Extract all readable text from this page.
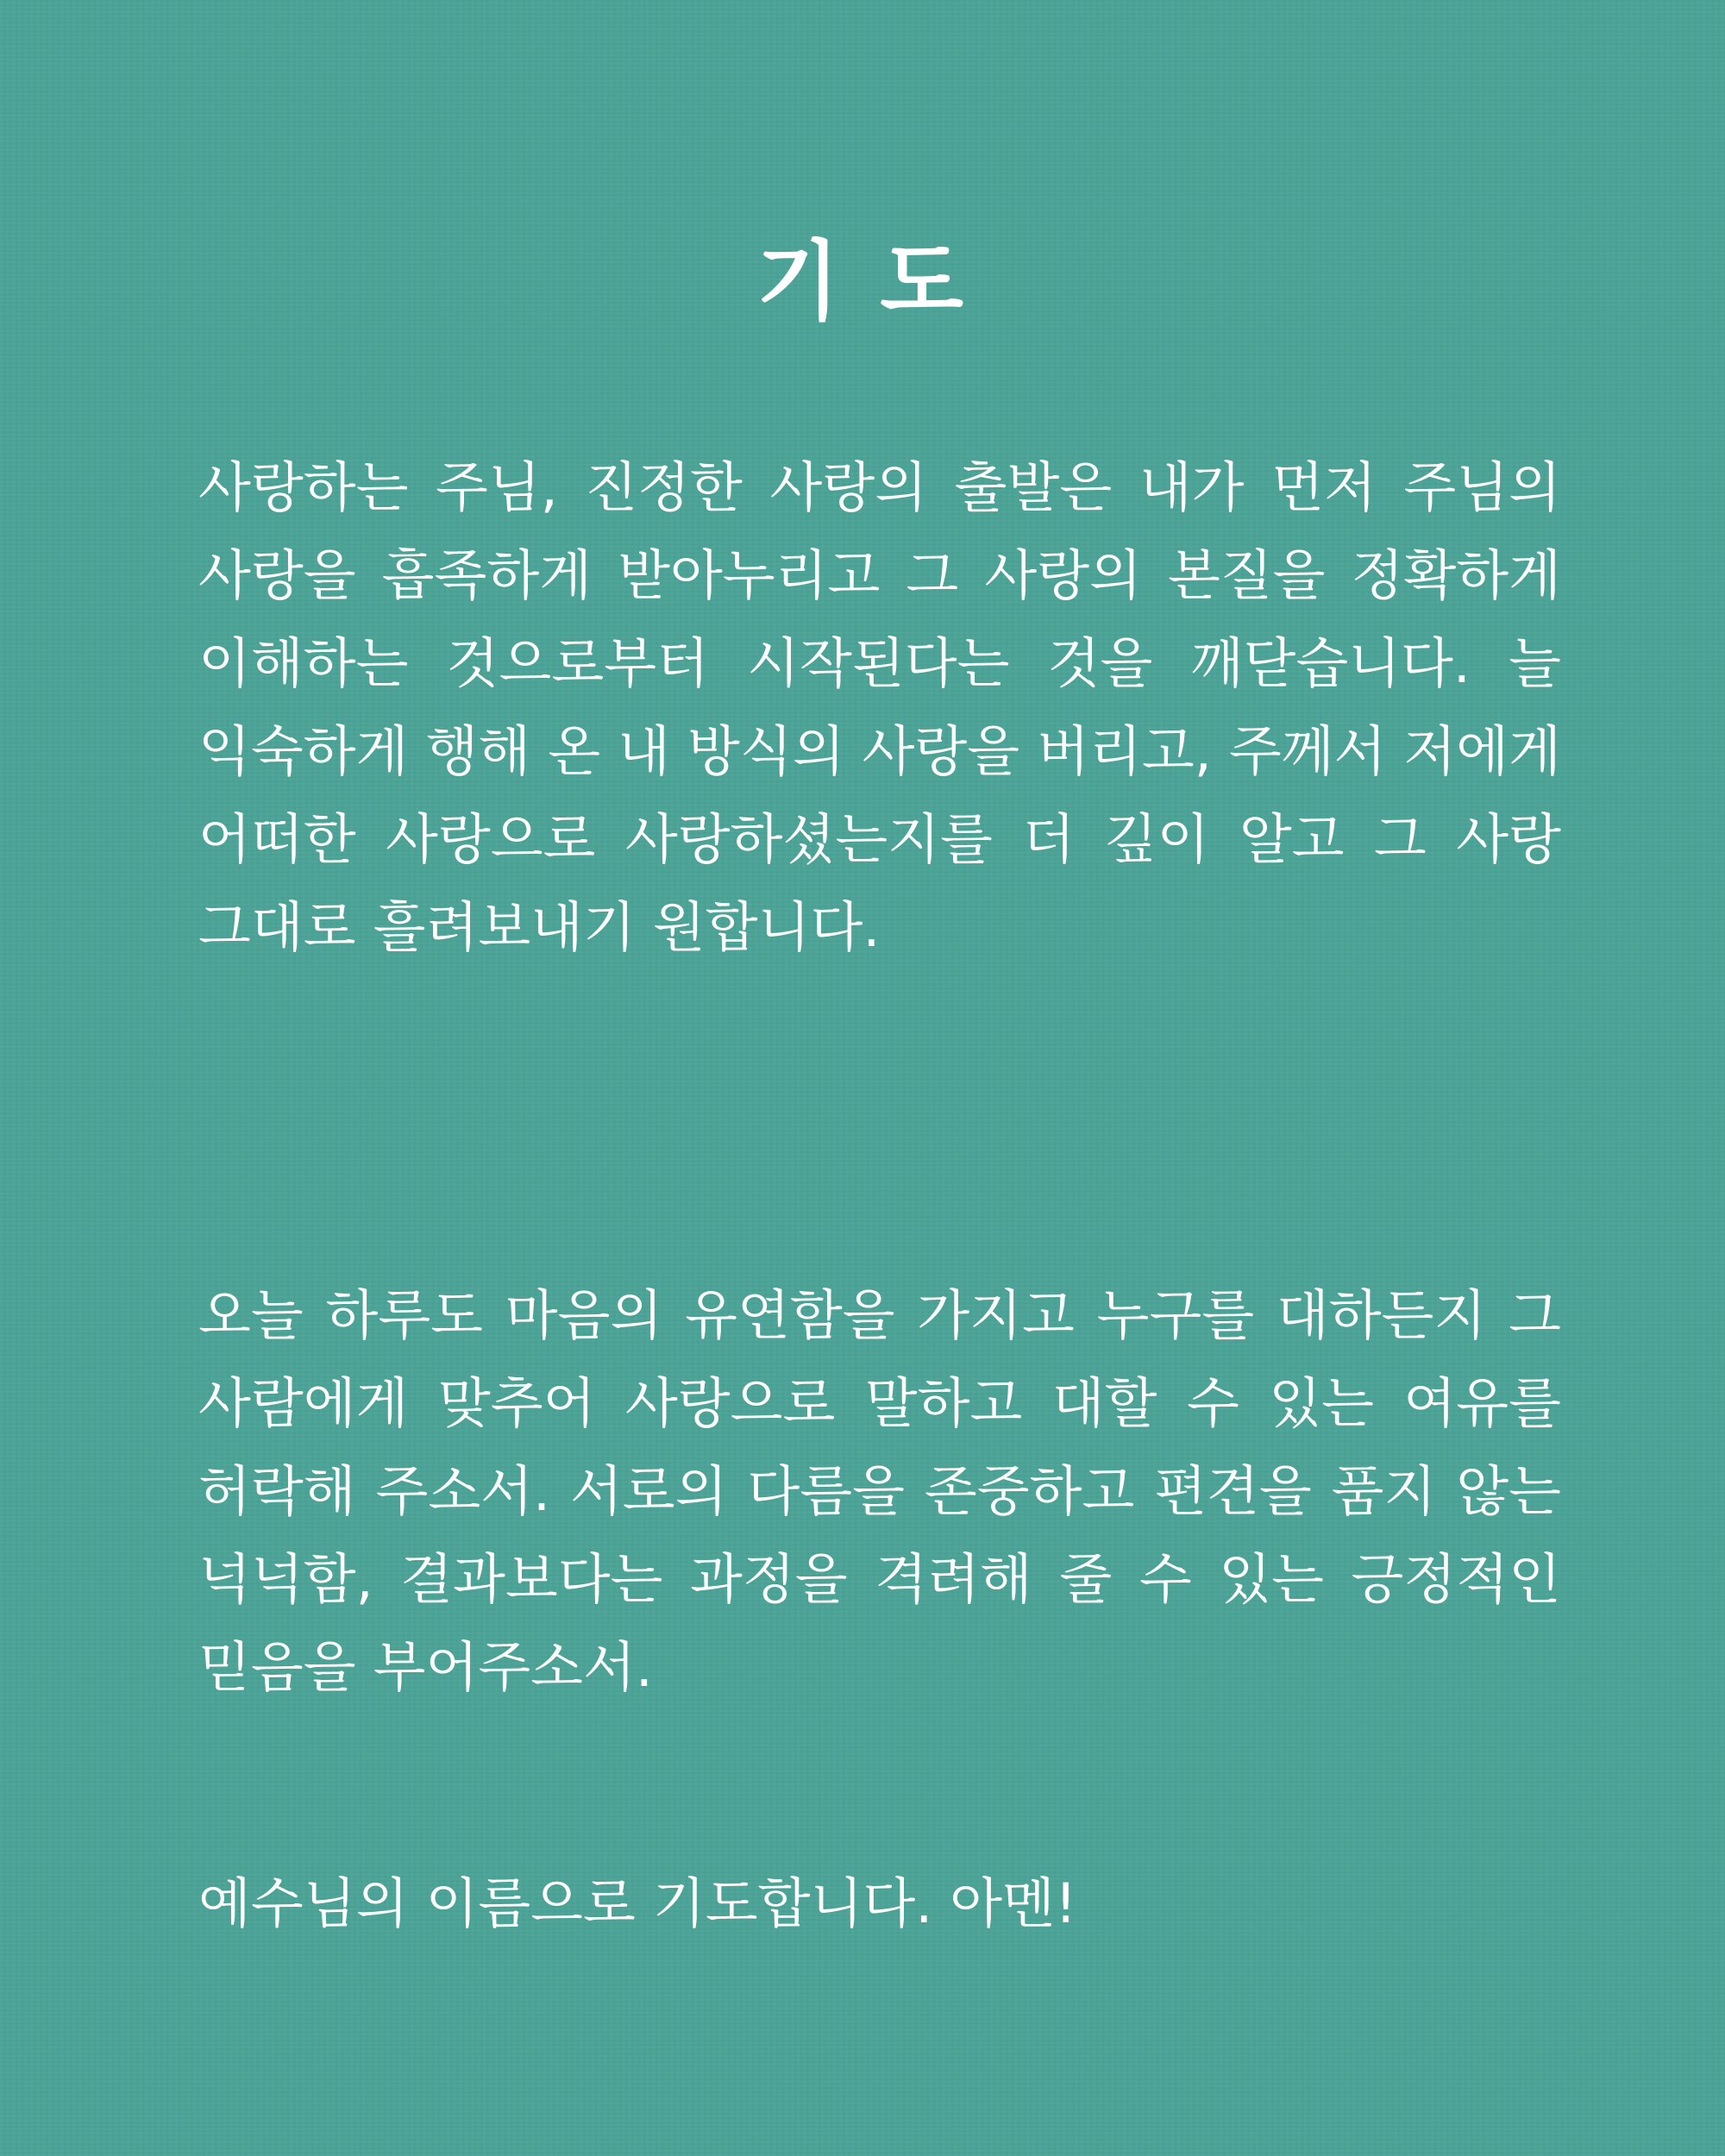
기 도

사랑하는 주님, 진정한 사랑의 출발은 내가 먼저 주님의 사랑을 흡족하게 받아누리고 그 사랑의 본질을 정확하게 이해하는 것으로부터 시작된다는 것을 깨닫습니다. 늘 익숙하게 행해 온 내 방식의 사랑을 버리고, 주께서 저에게 어떠한 사랑으로 사랑하셨는지를 더 깊이 알고 그 사랑 그대로 흘려보내기 원합니다.

오늘 하루도 마음의 유연함을 가지고 누구를 대하든지 그 사람에게 맞추어 사랑으로 말하고 대할 수 있는 여유를 허락해 주소서. 서로의 다름을 존중하고 편견을 품지 않는 넉넉함, 결과보다는 과정을 격려해 줄 수 있는 긍정적인 믿음을 부어주소서.

예수님의 이름으로 기도합니다. 아멘!
